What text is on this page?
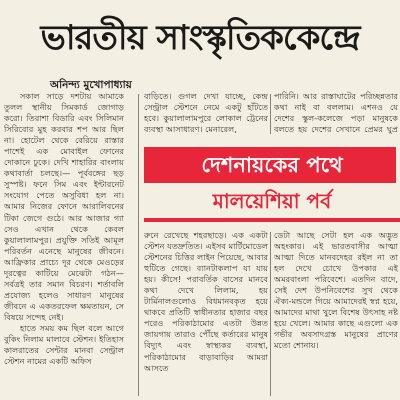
ভারতীয় সাংস্কৃতিককেন্দ্রে
অনিন্দ্য মুখোপাধ্যায়

সকাল সাড়ে দশটায় আমাকে তুলল স্থানীয় সিমকার্ড জোগাড় করো। তিরাশা বিডারি এবং সিলিমান সিরিবোর মুহ করবার শপ আর ছিল না। হোটেল থেকে বেরিয়ে রাস্তার পাশেই এক মোবাইল ফোনের দোকানে ঢুকে। দেখি শাহারির বাংলায় কথাবার্তা চলছে।— পূর্ববঙ্গের ছড় সুস্পষ্ট। ফনে সিম এবং ইন্টারনেট সংযোগ পেতে অসুবিধা হল না। আমার নিজের ফোনে আরালিবনের টিকা জেগে গুঠে। আর আজার গ্যা সেও এখান থেকে কেবল কুয়ালালামপুর। প্রযুক্তি সতিই আমূল পরিবর্তন এনেছে মানুষের জীবনে। আফ্রিকার প্রাচ্যে দূর থেকে মেওড়ের দূরত্বের কাটিয়ে মেঝেটা গঠন—সর্বত্রই তার সমান বিচরণ। শর্তাবলি প্রযোজ্য হলেও সাধারণ মানুষের জীবনে এ একতরফেল ক্ষমতায়ন, সে বিষয়ে সন্দেহ নেই।

হাতে সময় কম ছিল বলে আগে বুকিং নিলাম মালাবে স্টেশন। ইতিহাস কালরাতের সেন্টার মানবা সেন্ট্রাল স্টেশন নামের একটি অফিস

বাড়িতে। গুগল দেখা যাচ্ছে, কেন্দ্র সেন্ট্রাল স্টেশনে নেমে একটু হাঁটতে হবে। কুয়ালালামপুরে লোকাল ট্রেনের ব্যবস্থা আসাধারণ। মেনারেল,
পারিনি। আর রাস্তাঘাটের পরিচ্ছন্নতার কথা নাই বা বললাম। এশনও যে দেশের স্কুল-কলেজে পড়া মানুষকে বলতে হয় দেশের সেখানে প্রেমর ঘুপ্র
দেশনায়কের পথে
মালয়েশিয়া পর্ব
রুনে রেখেছে শহরছাড়ে। এক একটা স্টেশন যতদ্রুতিত। এইসব মার্টিমোডেল স্টেশনের চিত্তির লাইন পিয়েছে, আবার হুটিতে গেছে। ব্যানটাকলাপ যা যায় হয়। কীসে! পরাবর্তিক বাসের মানবে কথা দেখে লিলাম, হয় টার্মিনালগুলোও বিধমানবকৃত হয়ে থাকবে প্রতিটি স্বাধীনতার হাজার বছর পরেও পরিকাঠামোর এতটা উন্নত জায়গায় তারাও পৌঁছে কর্তারের মানুষ বিদ্যুৎ এবং স্বাস্থ্যকর ব্যবস্থা, পরিকাঠামোর বাড়াবাড়ির আমরা আসতে
ডেটা আছে সেটা হল এক অদ্ভুত অহংকার। এই ভারতবাসীর আত্মা আত্মা দিতে মানবদেহর রইল না তা হল দেখে চোখে উপকার এই অমরবাংলা পরিবেশে। এতদিন বাদে, সেই দেশ উপনিবেশের সুখ থেকে ঐক্য-মন্ডলে গিয়ে আমাদেরই স্বপ্ন হয়ে, আমাদের মাথা খুলে বিশেষ উৎসাহ নষ্ট হয়ে খেলে। আমার কাছে এগুলো এক গভীর অবসাদগ্রস্ত মানুষের প্রাণের মতো শোনায়।
